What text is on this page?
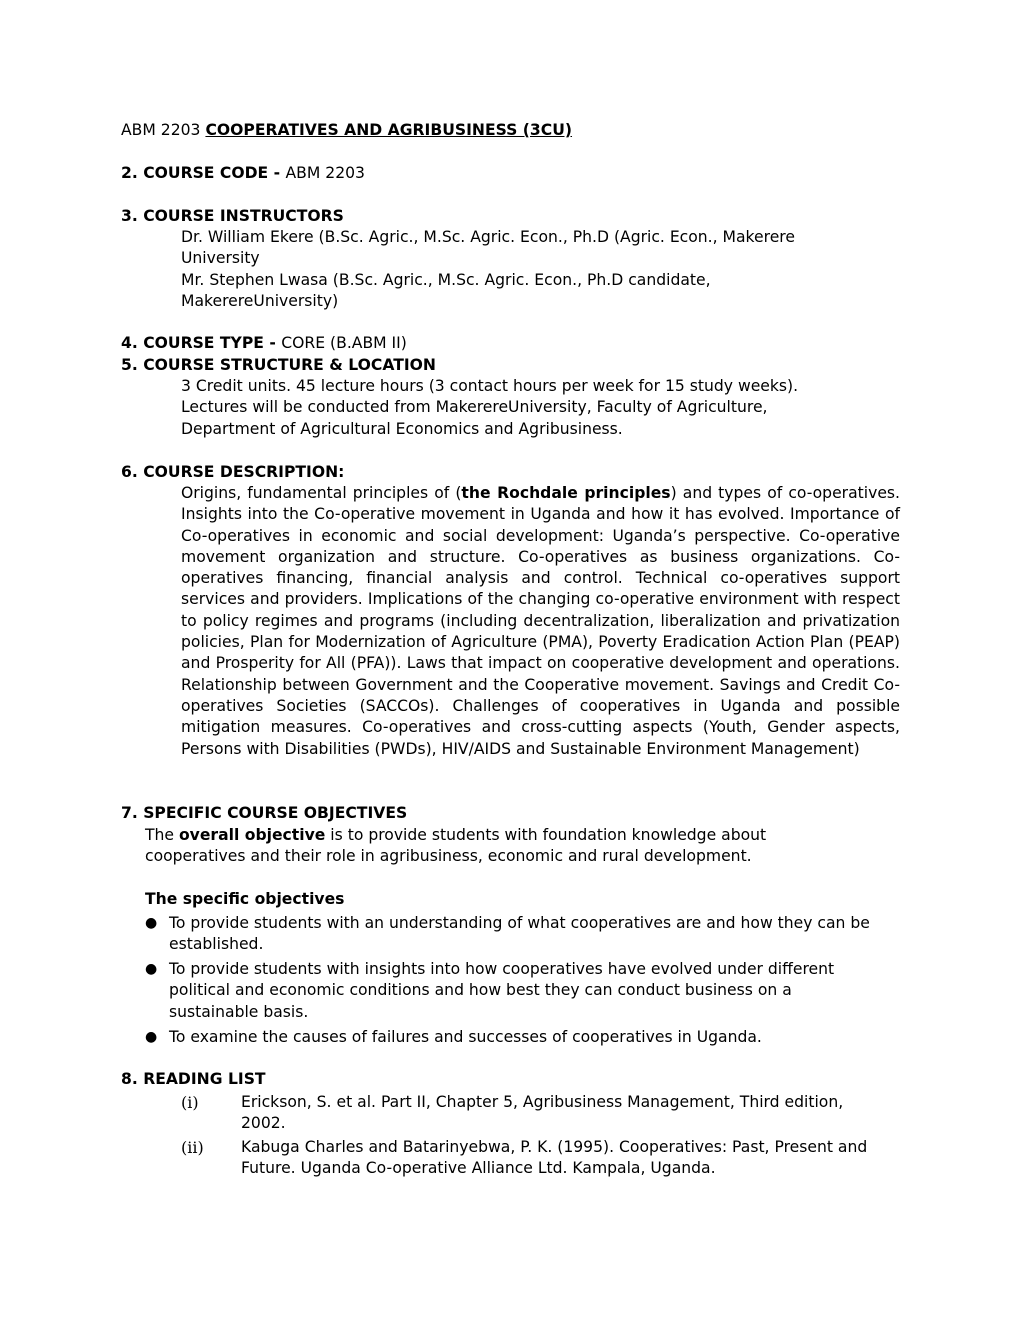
ABM 2203 COOPERATIVES AND AGRIBUSINESS (3CU)
2. COURSE CODE - ABM 2203
3. COURSE INSTRUCTORS
Dr. William Ekere (B.Sc. Agric., M.Sc. Agric. Econ., Ph.D (Agric. Econ., Makerere University
Mr. Stephen Lwasa (B.Sc. Agric., M.Sc. Agric. Econ., Ph.D candidate, MakerereUniversity)
4. COURSE TYPE - CORE (B.ABM II)
5. COURSE STRUCTURE & LOCATION
3 Credit units. 45 lecture hours (3 contact hours per week for 15 study weeks).
Lectures will be conducted from MakerereUniversity, Faculty of Agriculture,
Department of Agricultural Economics and Agribusiness.
6. COURSE DESCRIPTION:
Origins, fundamental principles of (the Rochdale principles) and types of co-operatives. Insights into the Co-operative movement in Uganda and how it has evolved. Importance of Co-operatives in economic and social development: Uganda’s perspective. Co-operative movement organization and structure. Co-operatives as business organizations. Co-operatives financing, financial analysis and control. Technical co-operatives support services and providers. Implications of the changing co-operative environment with respect to policy regimes and programs (including decentralization, liberalization and privatization policies, Plan for Modernization of Agriculture (PMA), Poverty Eradication Action Plan (PEAP) and Prosperity for All (PFA)). Laws that impact on cooperative development and operations. Relationship between Government and the Cooperative movement. Savings and Credit Co-operatives Societies (SACCOs). Challenges of cooperatives in Uganda and possible mitigation measures. Co-operatives and cross-cutting aspects (Youth, Gender aspects, Persons with Disabilities (PWDs), HIV/AIDS and Sustainable Environment Management)
7. SPECIFIC COURSE OBJECTIVES
The overall objective is to provide students with foundation knowledge about cooperatives and their role in agribusiness, economic and rural development.
The specific objectives
● To provide students with an understanding of what cooperatives are and how they can be established.
● To provide students with insights into how cooperatives have evolved under different political and economic conditions and how best they can conduct business on a sustainable basis.
● To examine the causes of failures and successes of cooperatives in Uganda.
8. READING LIST
(i)	Erickson, S. et al. Part II, Chapter 5, Agribusiness Management, Third edition, 2002.
(ii) Kabuga Charles and Batarinyebwa, P. K. (1995). Cooperatives: Past, Present and Future. Uganda Co-operative Alliance Ltd. Kampala, Uganda.
